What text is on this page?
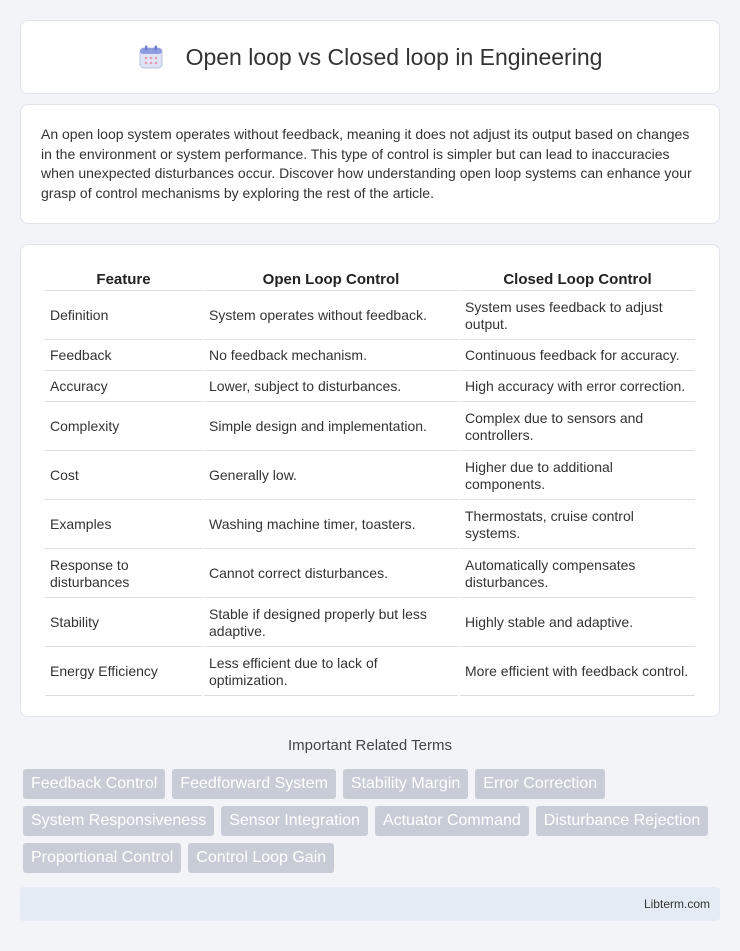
Open loop vs Closed loop in Engineering

An open loop system operates without feedback, meaning it does not adjust its output based on changes in the environment or system performance. This type of control is simpler but can lead to inaccuracies when unexpected disturbances occur. Discover how understanding open loop systems can enhance your grasp of control mechanisms by exploring the rest of the article.

Feature	Open Loop Control	Closed Loop Control
Definition	System operates without feedback.	System uses feedback to adjust output.
Feedback	No feedback mechanism.	Continuous feedback for accuracy.
Accuracy	Lower, subject to disturbances.	High accuracy with error correction.
Complexity	Simple design and implementation.	Complex due to sensors and controllers.
Cost	Generally low.	Higher due to additional components.
Examples	Washing machine timer, toasters.	Thermostats, cruise control systems.
Response to disturbances	Cannot correct disturbances.	Automatically compensates disturbances.
Stability	Stable if designed properly but less adaptive.	Highly stable and adaptive.
Energy Efficiency	Less efficient due to lack of optimization.	More efficient with feedback control.
Important Related Terms
Feedback Control	Feedforward System	Stability Margin	Error Correction
System Responsiveness	Sensor Integration	Actuator Command	Disturbance Rejection
Proportional Control	Control Loop Gain
Libterm.com
